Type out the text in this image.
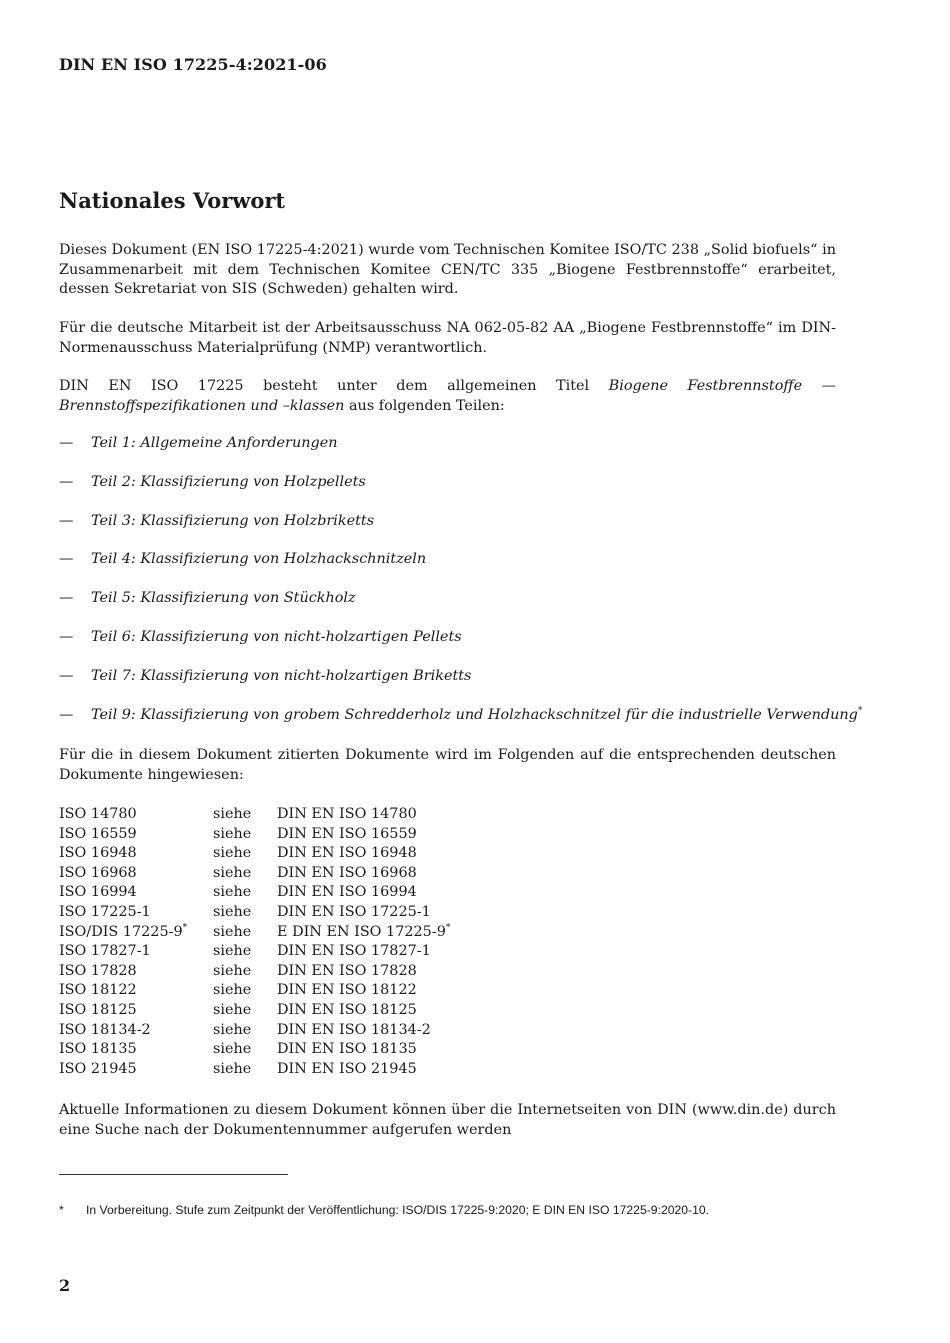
DIN EN ISO 17225-4:2021-06
Nationales Vorwort

Dieses Dokument (EN ISO 17225-4:2021) wurde vom Technischen Komitee ISO/TC 238 „Solid biofuels“ in Zusammenarbeit mit dem Technischen Komitee CEN/TC 335 „Biogene Festbrennstoffe“ erarbeitet, dessen Sekretariat von SIS (Schweden) gehalten wird.

Für die deutsche Mitarbeit ist der Arbeitsausschuss NA 062-05-82 AA „Biogene Festbrennstoffe“ im DIN-Normenausschuss Materialprüfung (NMP) verantwortlich.

DIN EN ISO 17225 besteht unter dem allgemeinen Titel Biogene Festbrennstoffe — Brennstoffspezifikationen und –klassen aus folgenden Teilen:

— Teil 1: Allgemeine Anforderungen
— Teil 2: Klassifizierung von Holzpellets
— Teil 3: Klassifizierung von Holzbriketts
— Teil 4: Klassifizierung von Holzhackschnitzeln
— Teil 5: Klassifizierung von Stückholz
— Teil 6: Klassifizierung von nicht-holzartigen Pellets
— Teil 7: Klassifizierung von nicht-holzartigen Briketts
— Teil 9: Klassifizierung von grobem Schredderholz und Holzhackschnitzel für die industrielle Verwendung*

Für die in diesem Dokument zitierten Dokumente wird im Folgenden auf die entsprechenden deutschen Dokumente hingewiesen:

ISO 14780	siehe	DIN EN ISO 14780
ISO 16559	siehe	DIN EN ISO 16559
ISO 16948	siehe	DIN EN ISO 16948
ISO 16968	siehe	DIN EN ISO 16968
ISO 16994	siehe	DIN EN ISO 16994
ISO 17225-1	siehe	DIN EN ISO 17225-1
ISO/DIS 17225-9*	siehe	E DIN EN ISO 17225-9*
ISO 17827-1	siehe	DIN EN ISO 17827-1
ISO 17828	siehe	DIN EN ISO 17828
ISO 18122	siehe	DIN EN ISO 18122
ISO 18125	siehe	DIN EN ISO 18125
ISO 18134-2	siehe	DIN EN ISO 18134-2
ISO 18135	siehe	DIN EN ISO 18135
ISO 21945	siehe	DIN EN ISO 21945

Aktuelle Informationen zu diesem Dokument können über die Internetseiten von DIN (www.din.de) durch eine Suche nach der Dokumentennummer aufgerufen werden

* In Vorbereitung. Stufe zum Zeitpunkt der Veröffentlichung: ISO/DIS 17225-9:2020; E DIN EN ISO 17225-9:2020-10.
2
